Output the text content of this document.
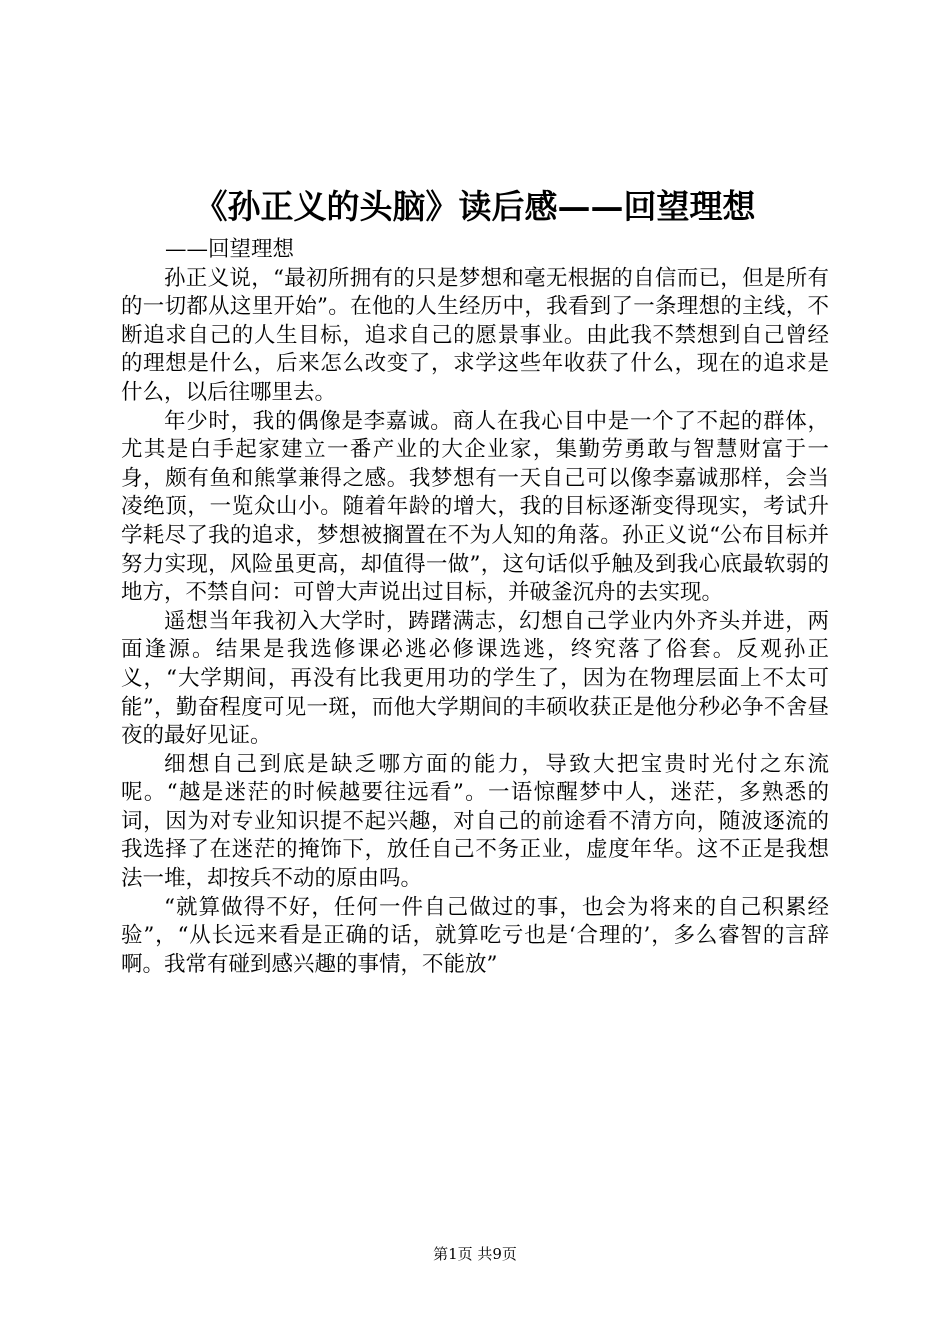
《孙正义的头脑》读后感——回望理想

——回望理想

孙正义说，“最初所拥有的只是梦想和毫无根据的自信而已，但是所有的一切都从这里开始”。在他的人生经历中，我看到了一条理想的主线，不断追求自己的人生目标，追求自己的愿景事业。由此我不禁想到自己曾经的理想是什么，后来怎么改变了，求学这些年收获了什么，现在的追求是什么，以后往哪里去。

年少时，我的偶像是李嘉诚。商人在我心目中是一个了不起的群体，尤其是白手起家建立一番产业的大企业家，集勤劳勇敢与智慧财富于一身，颇有鱼和熊掌兼得之感。我梦想有一天自己可以像李嘉诚那样，会当凌绝顶，一览众山小。随着年龄的增大，我的目标逐渐变得现实，考试升学耗尽了我的追求，梦想被搁置在不为人知的角落。孙正义说“公布目标并努力实现，风险虽更高，却值得一做”，这句话似乎触及到我心底最软弱的地方，不禁自问：可曾大声说出过目标，并破釜沉舟的去实现。

遥想当年我初入大学时，踌躇满志，幻想自己学业内外齐头并进，两面逢源。结果是我选修课必逃必修课选逃，终究落了俗套。反观孙正义，“大学期间，再没有比我更用功的学生了，因为在物理层面上不太可能”，勤奋程度可见一斑，而他大学期间的丰硕收获正是他分秒必争不舍昼夜的最好见证。

细想自己到底是缺乏哪方面的能力，导致大把宝贵时光付之东流呢。“越是迷茫的时候越要往远看”。一语惊醒梦中人，迷茫，多熟悉的词，因为对专业知识提不起兴趣，对自己的前途看不清方向，随波逐流的我选择了在迷茫的掩饰下，放任自己不务正业，虚度年华。这不正是我想法一堆，却按兵不动的原由吗。

“就算做得不好，任何一件自己做过的事，也会为将来的自己积累经验”，“从长远来看是正确的话，就算吃亏也是‘合理的’，多么睿智的言辞啊。我常有碰到感兴趣的事情，不能放”

第1页 共9页
